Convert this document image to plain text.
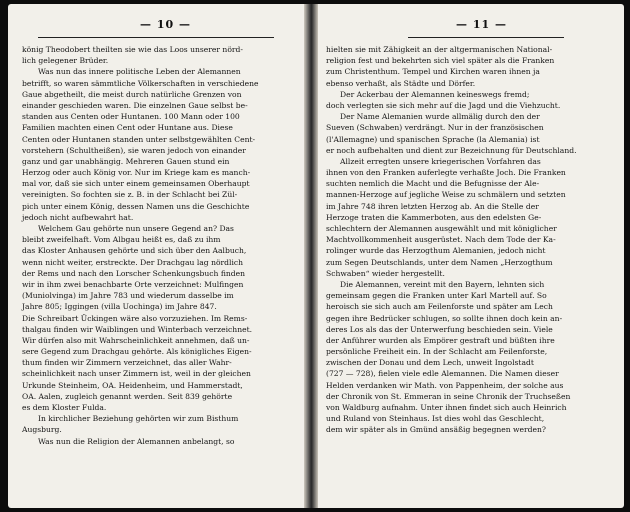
— 10 —
könig Theodobert theilten sie wie das Loos unserer nörd-
lich gelegener Brüder.
Was nun das innere politische Leben der Alemannen
betrifft, so waren sämmtliche Völkerschaften in verschiedene
Gaue abgetheilt, die meist durch natürliche Grenzen von
einander geschieden waren. Die einzelnen Gaue selbst be-
standen aus Centen oder Huntanen. 100 Mann oder 100
Familien machten einen Cent oder Huntane aus. Diese
Centen oder Huntanen standen unter selbstgewählten Cent-
vorstehern (Schultheißen), sie waren jedoch von einander
ganz und gar unabhängig. Mehreren Gauen stund ein
Herzog oder auch König vor. Nur im Kriege kam es manch-
mal vor, daß sie sich unter einem gemeinsamen Oberhaupt
vereinigten. So fochten sie z. B. in der Schlacht bei Zül-
pich unter einem König, dessen Namen uns die Geschichte
jedoch nicht aufbewahrt hat.
Welchem Gau gehörte nun unsere Gegend an? Das
bleibt zweifelhaft. Vom Albgau heißt es, daß zu ihm
das Kloster Anhausen gehörte und sich über den Aalbuch,
wenn nicht weiter, erstreckte. Der Drachgau lag nördlich
der Rems und nach den Lorscher Schenkungsbuch finden
wir in ihm zwei benachbarte Orte verzeichnet: Mulfingen
(Muniolvinga) im Jahre 783 und wiederum dasselbe im
Jahre 805; Iggingen (villa Uochinga) im Jahre 847.
Die Schreibart Ückingen wäre also vorzuziehen. Im Rems-
thalgau finden wir Waiblingen und Winterbach verzeichnet.
Wir dürfen also mit Wahrscheinlichkeit annehmen, daß un-
sere Gegend zum Drachgau gehörte. Als königliches Eigen-
thum finden wir Zimmern verzeichnet, das aller Wahr-
scheinlichkeit nach unser Zimmern ist, weil in der gleichen
Urkunde Steinheim, OA. Heidenheim, und Hammerstadt,
OA. Aalen, zugleich genannt werden. Seit 839 gehörte
es dem Kloster Fulda.
In kirchlicher Beziehung gehörten wir zum Bisthum
Augsburg.
Was nun die Religion der Alemannen anbelangt, so
— 11 —
hielten sie mit Zähigkeit an der altgermanischen National-
religion fest und bekehrten sich viel später als die Franken
zum Christenthum. Tempel und Kirchen waren ihnen ja
ebenso verhaßt, als Städte und Dörfer.
Der Ackerbau der Alemannen keineswegs fremd;
doch verlegten sie sich mehr auf die Jagd und die Viehzucht.
Der Name Alemanien wurde allmälig durch den der
Sueven (Schwaben) verdrängt. Nur in der französischen
(l'Allemagne) und spanischen Sprache (la Alemania) ist
er noch aufbehalten und dient zur Bezeichnung für Deutschland.
Allzeit erregten unsere kriegerischen Vorfahren das
ihnen von den Franken auferlegte verhaßte Joch. Die Franken
suchten nemlich die Macht und die Befugnisse der Ale-
mannen-Herzoge auf jegliche Weise zu schmälern und setzten
im Jahre 748 ihren letzten Herzog ab. An die Stelle der
Herzoge traten die Kammerboten, aus den edelsten Ge-
schlechtern der Alemannen ausgewählt und mit königlicher
Machtvollkommenheit ausgerüstet. Nach dem Tode der Ka-
rolinger wurde das Herzogthum Alemanien, jedoch nicht
zum Segen Deutschlands, unter dem Namen „Herzogthum
Schwaben“ wieder hergestellt.
Die Alemannen, vereint mit den Bayern, lehnten sich
gemeinsam gegen die Franken unter Karl Martell auf. So
heroisch sie sich auch am Feilenforste und später am Lech
gegen ihre Bedrücker schlugen, so sollte ihnen doch kein an-
deres Los als das der Unterwerfung beschieden sein. Viele
der Anführer wurden als Empörer gestraft und büßten ihre
persönliche Freiheit ein. In der Schlacht am Feilenforste,
zwischen der Donau und dem Lech, unweit Ingolstadt
(727 — 728), fielen viele edle Alemannen. Die Namen dieser
Helden verdanken wir Math. von Pappenheim, der solche aus
der Chronik von St. Emmeran in seine Chronik der Truchseßen
von Waldburg aufnahm. Unter ihnen findet sich auch Heinrich
und Ruland von Steinhaus. Ist dies wohl das Geschlecht,
dem wir später als in Gmünd ansäßig begegnen werden?
